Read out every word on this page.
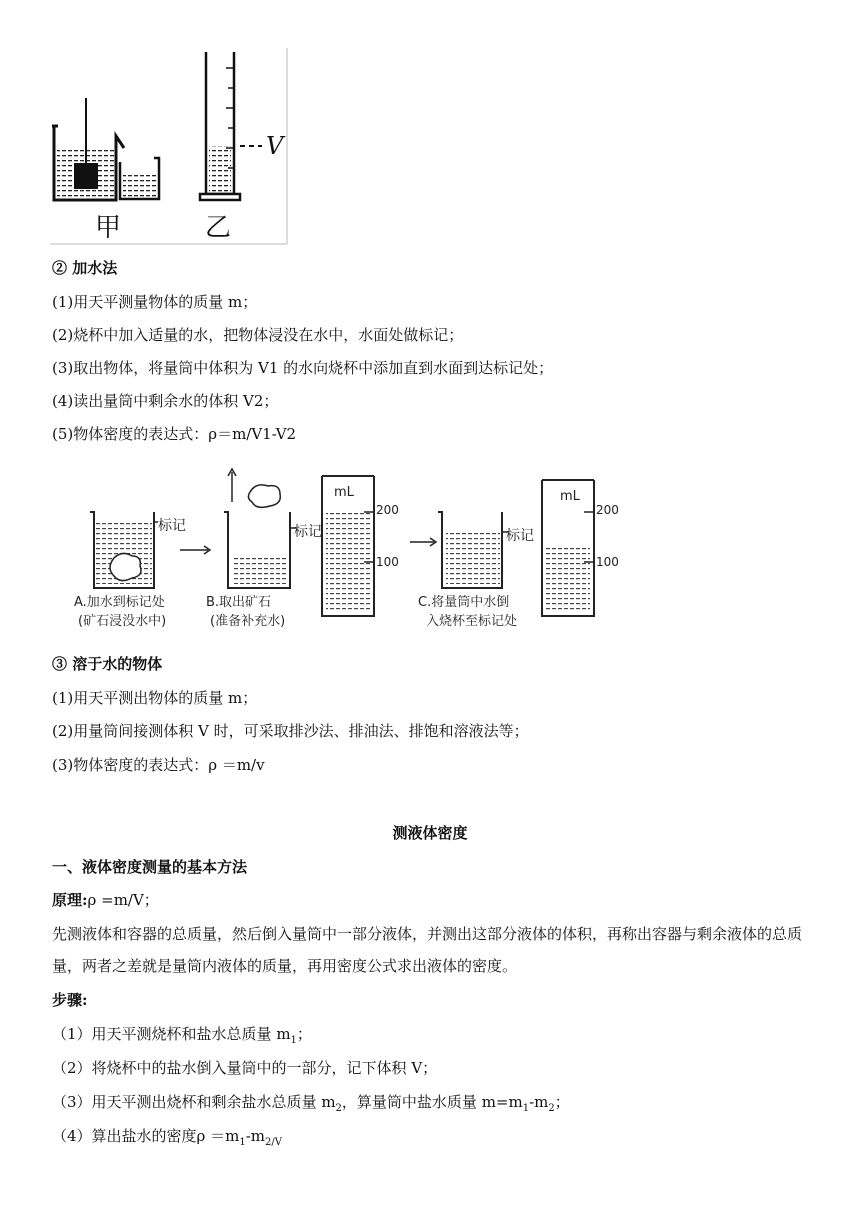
V
甲	乙
② 加水法
(1)用天平测量物体的质量 m；
(2)烧杯中加入适量的水，把物体浸没在水中，水面处做标记；
(3)取出物体，将量筒中体积为 V1 的水向烧杯中添加直到水面到达标记处；
(4)读出量筒中剩余水的体积 V2；
(5)物体密度的表达式：ρ＝m/V1-V2
标记
A.加水到标记处
(矿石浸没水中)
标记
B.取出矿石
(准备补充水)
mL
200
100
标记
C.将量筒中水倒
入烧杯至标记处
mL
200
100
③ 溶于水的物体
(1)用天平测出物体的质量 m；
(2)用量筒间接测体积 V 时，可采取排沙法、排油法、排饱和溶液法等；
(3)物体密度的表达式：ρ ＝m/v
测液体密度
一、液体密度测量的基本方法
原理:ρ =m/V；
先测液体和容器的总质量，然后倒入量筒中一部分液体，并测出这部分液体的体积，再称出容器与剩余液体的总质量，两者之差就是量筒内液体的质量，再用密度公式求出液体的密度。
步骤:
（1）用天平测烧杯和盐水总质量 $m_1$；
（2）将烧杯中的盐水倒入量筒中的一部分，记下体积 V；
（3）用天平测出烧杯和剩余盐水总质量 $m_2$，算量筒中盐水质量 $m=m_1-m_2$；
（4）算出盐水的密度$\rho =m_1-m_{2/V}$
